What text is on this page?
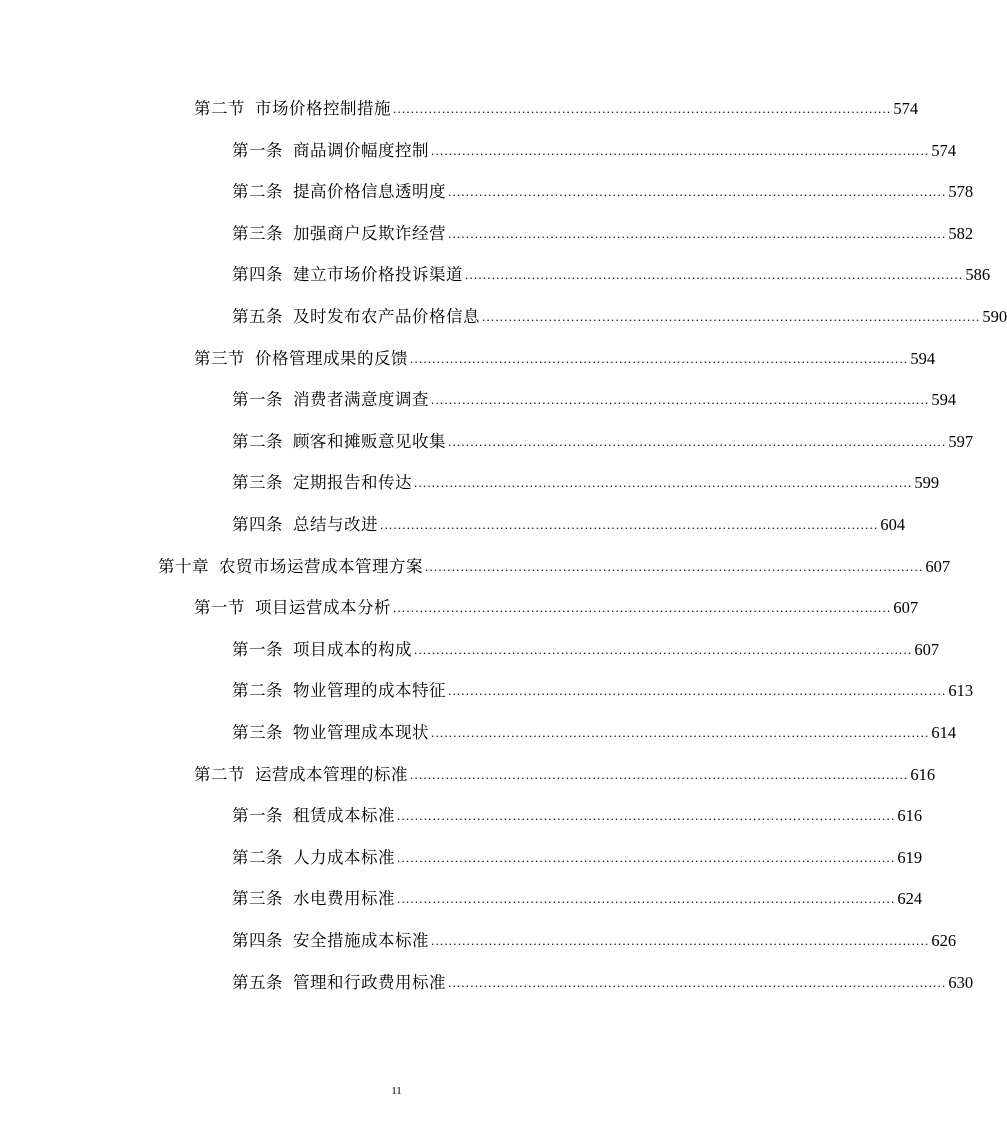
第二节 市场价格控制措施 ................................................................................................................ 574
第一条 商品调价幅度控制 ................................................................................................................ 574
第二条 提高价格信息透明度 ................................................................................................................ 578
第三条 加强商户反欺诈经营 ................................................................................................................ 582
第四条 建立市场价格投诉渠道 ................................................................................................................ 586
第五条 及时发布农产品价格信息 ................................................................................................................ 590
第三节 价格管理成果的反馈 ................................................................................................................ 594
第一条 消费者满意度调查 ................................................................................................................ 594
第二条 顾客和摊贩意见收集 ................................................................................................................ 597
第三条 定期报告和传达 ................................................................................................................ 599
第四条 总结与改进 ................................................................................................................ 604
第十章 农贸市场运营成本管理方案 ................................................................................................................ 607
第一节 项目运营成本分析 ................................................................................................................ 607
第一条 项目成本的构成 ................................................................................................................ 607
第二条 物业管理的成本特征 ................................................................................................................ 613
第三条 物业管理成本现状 ................................................................................................................ 614
第二节 运营成本管理的标准 ................................................................................................................ 616
第一条 租赁成本标准 ................................................................................................................ 616
第二条 人力成本标准 ................................................................................................................ 619
第三条 水电费用标准 ................................................................................................................ 624
第四条 安全措施成本标准 ................................................................................................................ 626
第五条 管理和行政费用标准 ................................................................................................................ 630
11
